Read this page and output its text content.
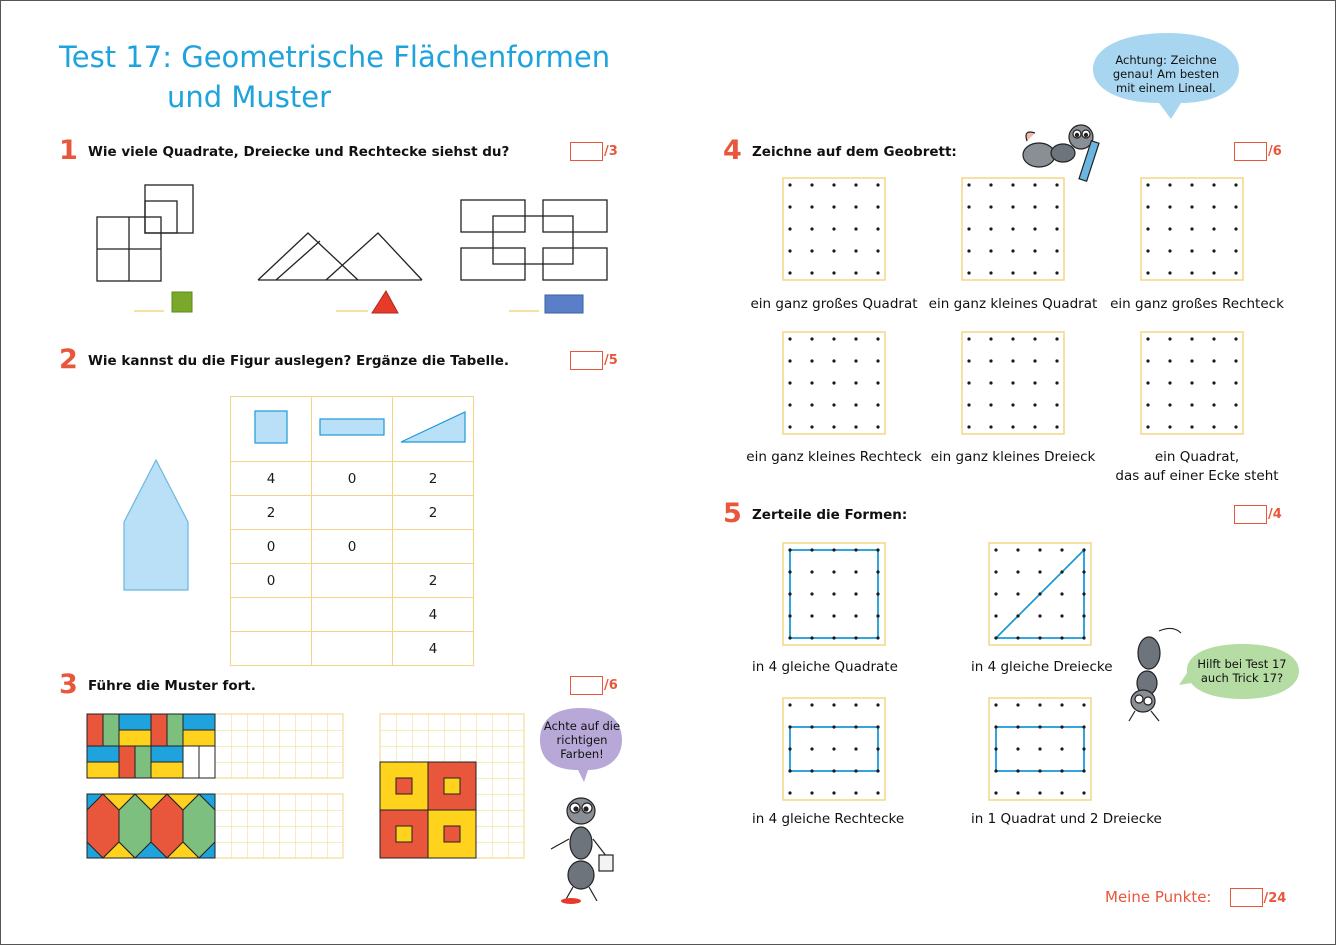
Test 17: Geometrische Flächenformen
und Muster
1 Wie viele Quadrate, Dreiecke und Rechtecke siehst du?	/3
2 Wie kannst du die Figur auslegen? Ergänze die Tabelle.	/5

4	0	2
2		2
0	0	
0		2
		4
		4
3 Führe die Muster fort.	/6
Achte auf die richtigen Farben!
Achtung: Zeichne genau! Am besten mit einem Lineal.
4 Zeichne auf dem Geobrett:	/6
ein ganz großes Quadrat ein ganz kleines Quadrat ein ganz großes Rechteck
ein ganz kleines Rechteck ein ganz kleines Dreieck	ein Quadrat,
das auf einer Ecke steht
5 Zerteile die Formen:	/4
in 4 gleiche Quadrate	in 4 gleiche Dreiecke
in 4 gleiche Rechtecke	in 1 Quadrat und 2 Dreiecke
Hilft bei Test 17 auch Trick 17?
Meine Punkte:	/24
